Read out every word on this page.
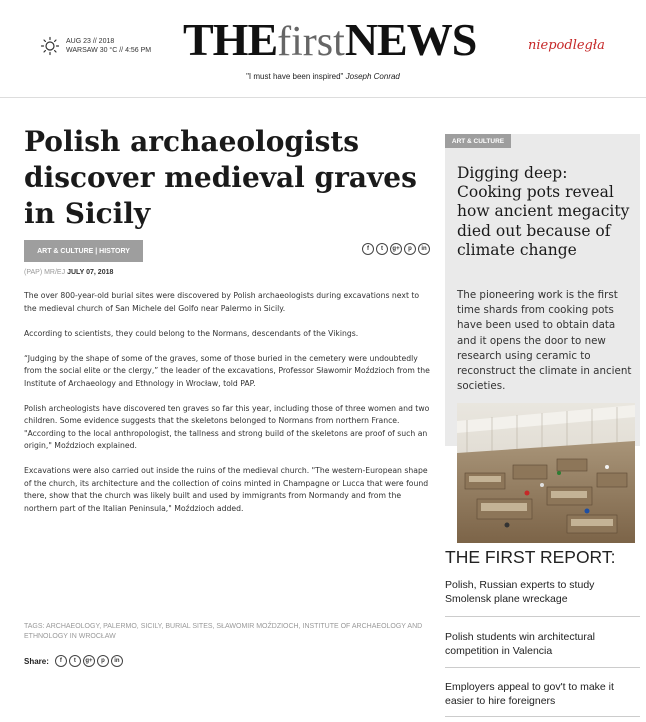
AUG 23 // 2018
WARSAW 30 °C // 4:56 PM THE first NEWS	niepodległa
"I must have been inspired" Joseph Conrad
Polish archaeologists discover medieval graves in Sicily
ART & CULTURE | HISTORY	f	t	g+	p	in
(PAP) MR/EJ JULY 07, 2018

The over 800-year-old burial sites were discovered by Polish archaeologists during excavations next to the medieval church of San Michele del Golfo near Palermo in Sicily.

According to scientists, they could belong to the Normans, descendants of the Vikings.

“Judging by the shape of some of the graves, some of those buried in the cemetery were undoubtedly from the social elite or the clergy,” the leader of the excavations, Professor Sławomir Moździoch from the Institute of Archaeology and Ethnology in Wrocław, told PAP.

Polish archeologists have discovered ten graves so far this year, including those of three women and two children. Some evidence suggests that the skeletons belonged to Normans from northern France. "According to the local anthropologist, the tallness and strong build of the skeletons are proof of such an origin," Moździoch explained.

Excavations were also carried out inside the ruins of the medieval church. "The western-European shape of the church, its architecture and the collection of coins minted in Champagne or Lucca that were found there, show that the church was likely built and used by immigrants from Normandy and from the northern part of the Italian Peninsula," Moździoch added.

TAGS: ARCHAEOLOGY, PALERMO, SICILY, BURIAL SITES, SŁAWOMIR MOŹDZIOCH, INSTITUTE OF ARCHAEOLOGY AND ETHNOLOGY IN WROCŁAW
Share:	f	t	g+	p	in
ART & CULTURE
Digging deep: Cooking pots reveal how ancient megacity died out because of climate change
The pioneering work is the first time shards from cooking pots have been used to obtain data and it opens the door to new research using ceramic to reconstruct the climate in ancient societies.
THE FIRST REPORT:
Polish, Russian experts to study Smolensk plane wreckage
Polish students win architectural competition in Valencia
Employers appeal to gov't to make it easier to hire foreigners
